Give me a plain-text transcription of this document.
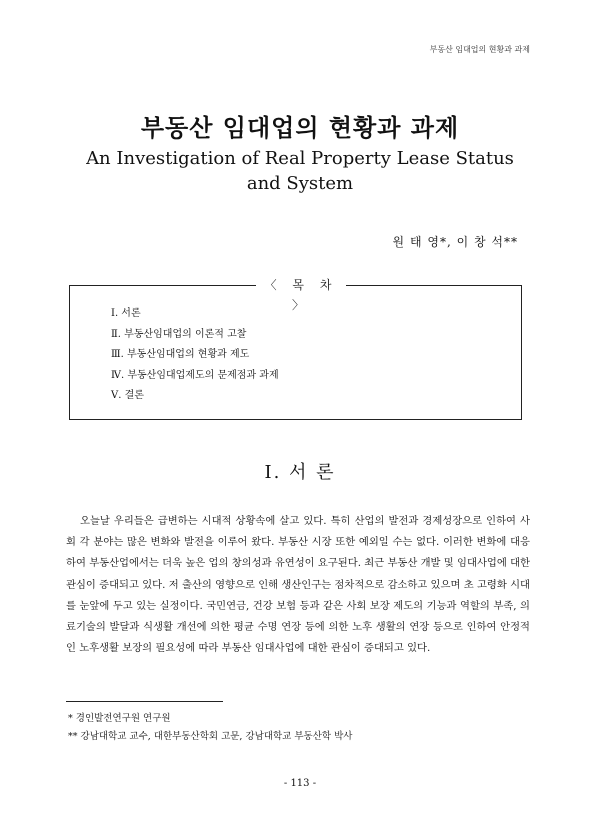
부동산 임대업의 현황과 과제
부동산 임대업의 현황과 과제
An Investigation of Real Property Lease Status
and System
원 태 영*, 이 창 석**
〈 목 차 〉
Ⅰ. 서론
Ⅱ. 부동산임대업의 이론적 고찰
Ⅲ. 부동산임대업의 현황과 제도
Ⅳ. 부동산임대업제도의 문제점과 과제
Ⅴ. 결론
Ⅰ. 서 론

오늘날 우리들은 급변하는 시대적 상황속에 살고 있다. 특히 산업의 발전과 경제성장으로 인하여 사회 각 분야는 많은 변화와 발전을 이루어 왔다. 부동산 시장 또한 예외일 수는 없다. 이러한 변화에 대응하여 부동산업에서는 더욱 높은 업의 창의성과 유연성이 요구된다. 최근 부동산 개발 및 임대사업에 대한 관심이 증대되고 있다. 저 출산의 영향으로 인해 생산인구는 점차적으로 감소하고 있으며 초 고령화 시대를 눈앞에 두고 있는 실정이다. 국민연금, 건강 보험 등과 같은 사회 보장 제도의 기능과 역할의 부족, 의료기술의 발달과 식생활 개선에 의한 평균 수명 연장 등에 의한 노후 생활의 연장 등으로 인하여 안정적인 노후생활 보장의 필요성에 따라 부동산 임대사업에 대한 관심이 증대되고 있다.

* 경인발전연구원 연구원
** 강남대학교 교수, 대한부동산학회 고문, 강남대학교 부동산학 박사
- 113 -
